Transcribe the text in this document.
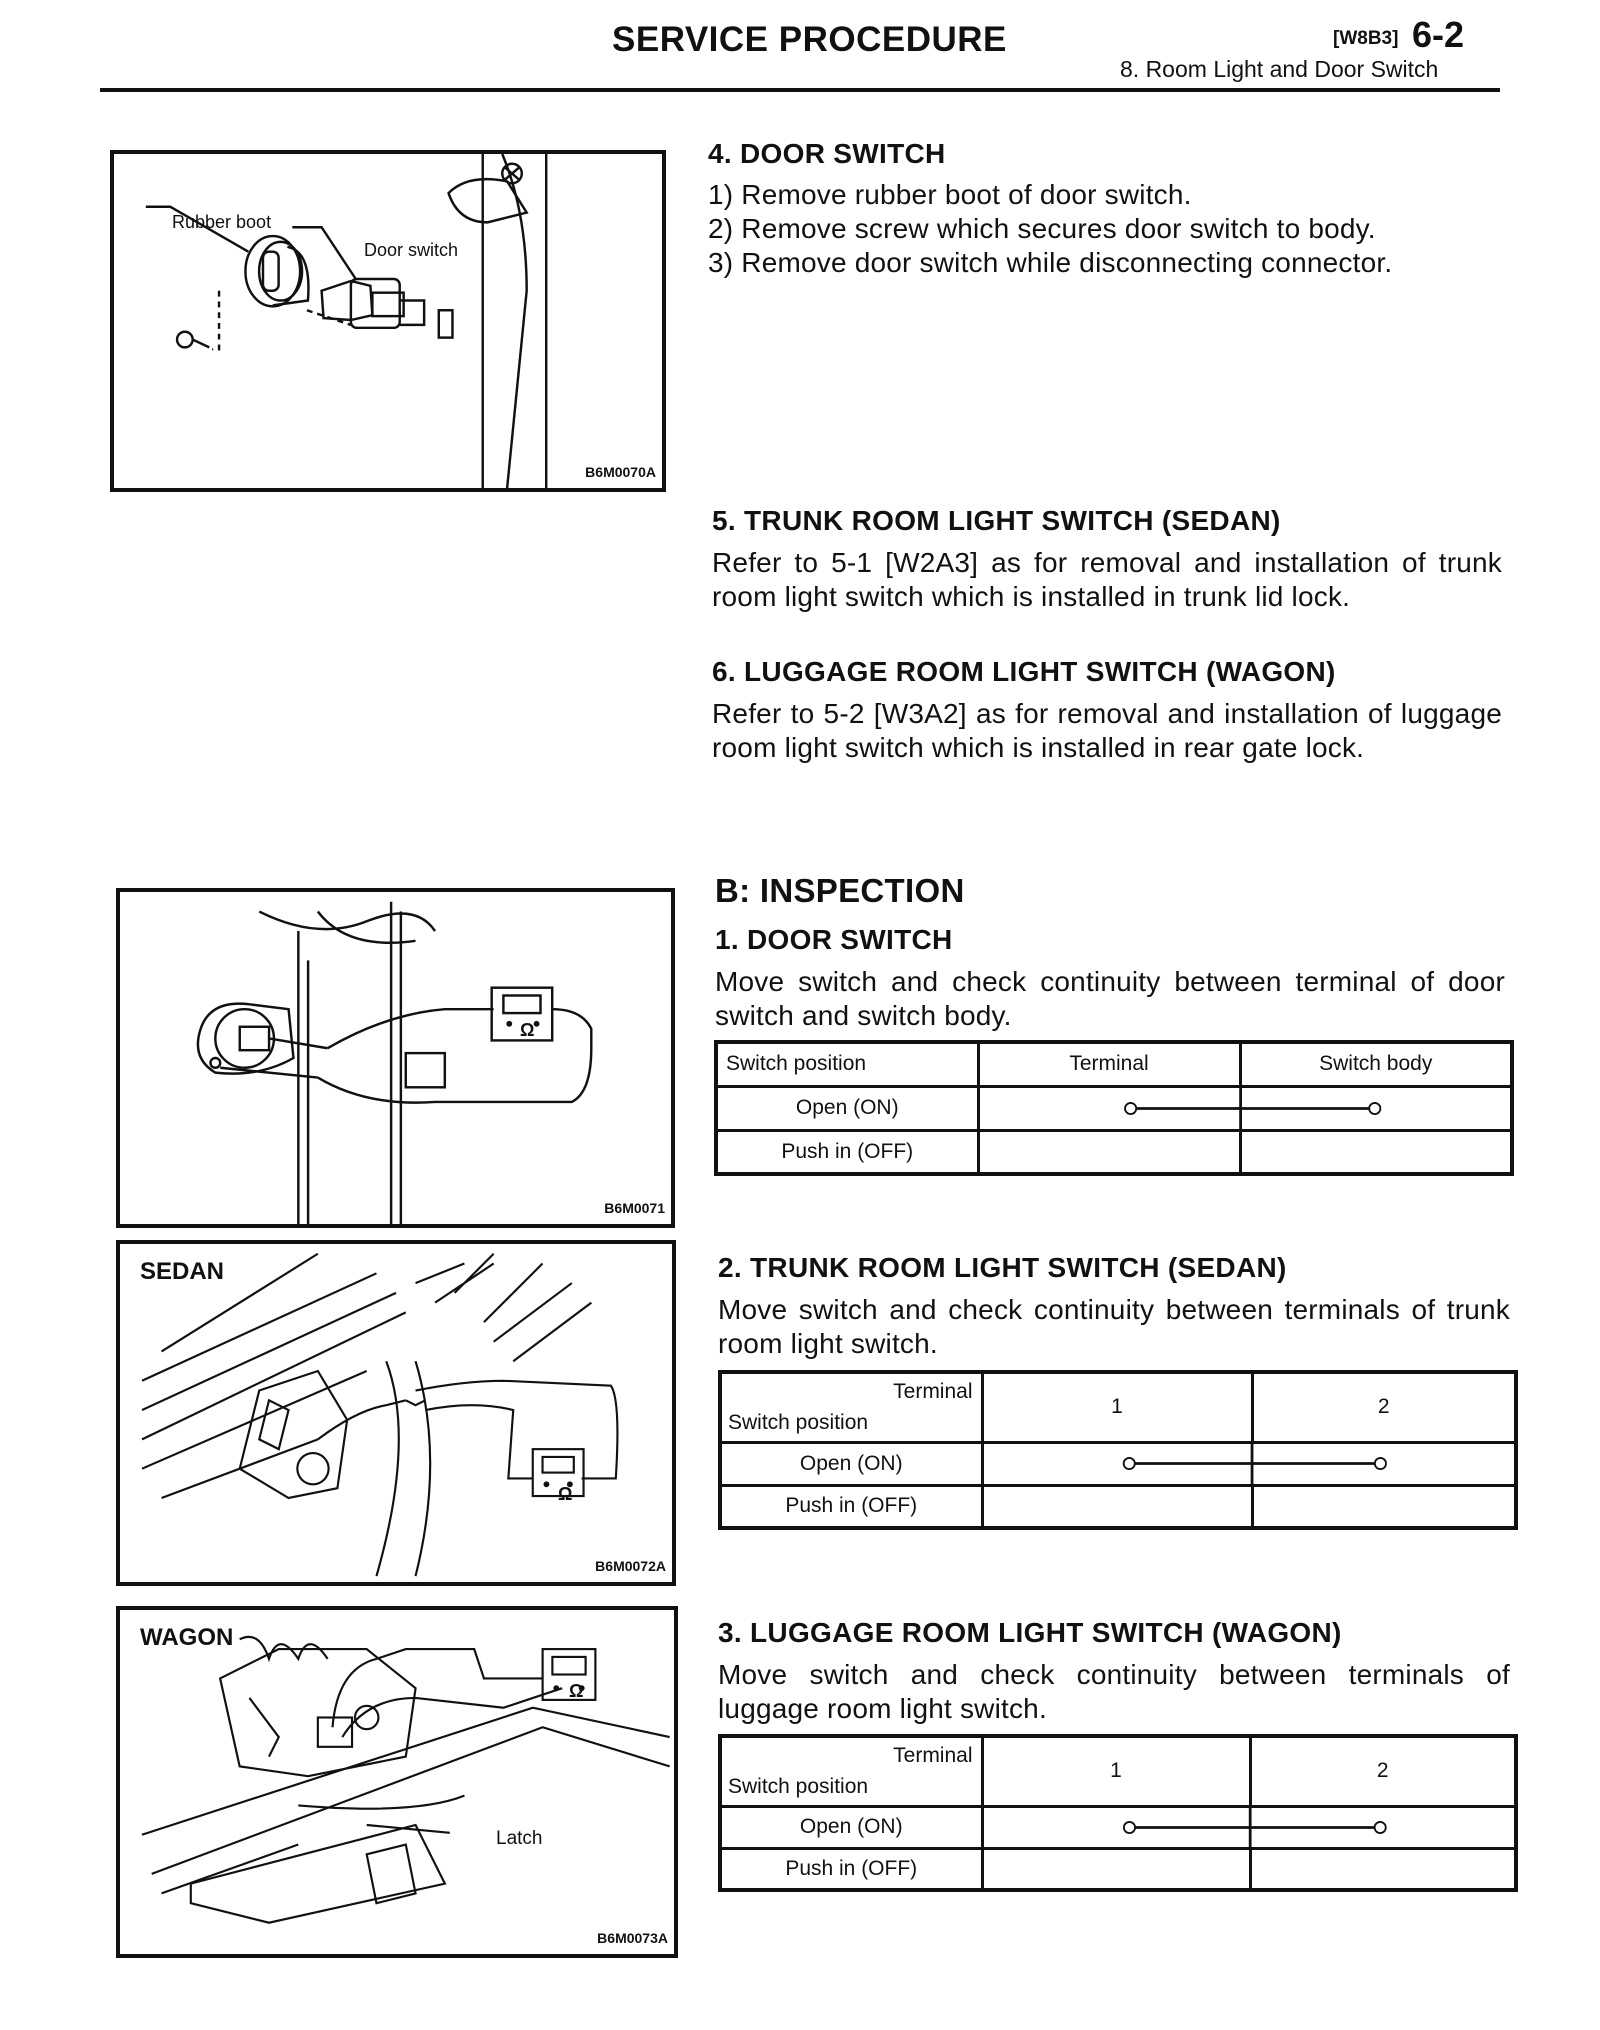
SERVICE PROCEDURE	[W8B3] 6-2
8. Room Light and Door Switch
Rubber boot
Door switch
B6M0070A
4. DOOR SWITCH
1) Remove rubber boot of door switch.
2) Remove screw which secures door switch to body.
3) Remove door switch while disconnecting connector.
5. TRUNK ROOM LIGHT SWITCH (SEDAN)
Refer to 5-1 [W2A3] as for removal and installation of trunk room light switch which is installed in trunk lid lock.
6. LUGGAGE ROOM LIGHT SWITCH (WAGON)
Refer to 5-2 [W3A2] as for removal and installation of luggage room light switch which is installed in rear gate lock.
Ω
B6M0071
B: INSPECTION
1. DOOR SWITCH
Move switch and check continuity between terminal of door switch and switch body.
Switch position	Terminal	Switch body
Open (ON)	

Push in (OFF)		
SEDAN
Ω
B6M0072A
2. TRUNK ROOM LIGHT SWITCH (SEDAN)
Move switch and check continuity between terminals of trunk room light switch.
Terminal
Switch position	1	2
Open (ON)	

Push in (OFF)		
WAGON
Ω
Latch
B6M0073A
3. LUGGAGE ROOM LIGHT SWITCH (WAGON)
Move switch and check continuity between terminals of luggage room light switch.
Terminal
Switch position	1	2
Open (ON)	

Push in (OFF)		
